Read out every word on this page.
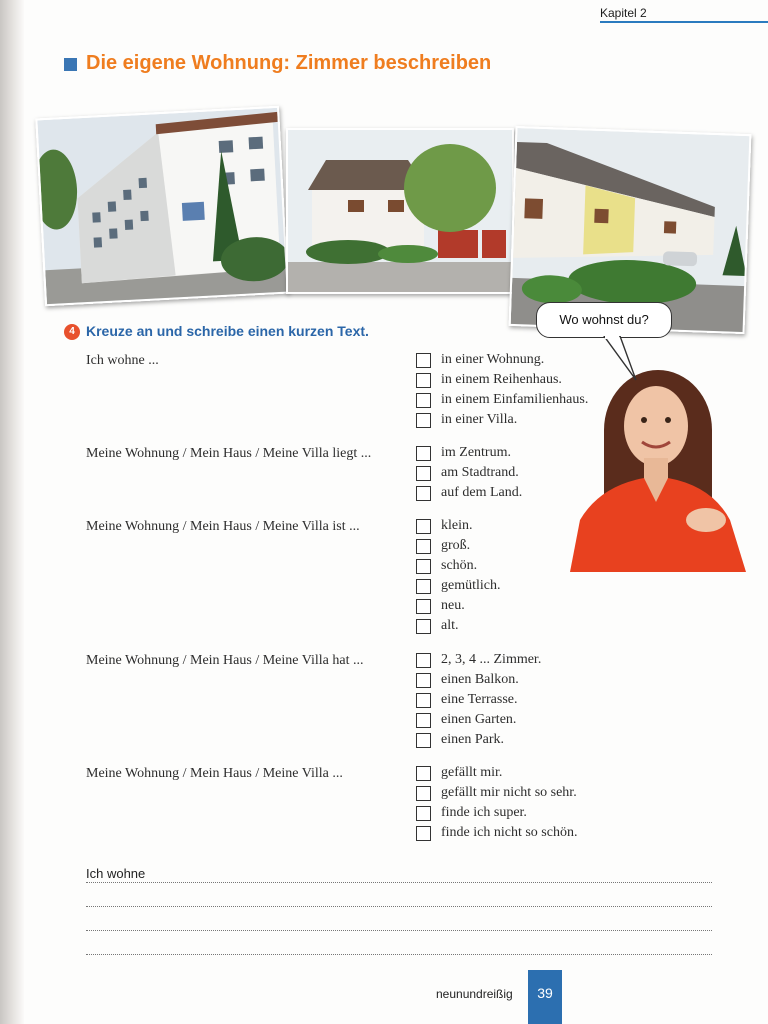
Kapitel 2
Die eigene Wohnung: Zimmer beschreiben
Wo wohnst du?
4 Kreuze an und schreibe einen kurzen Text.
Ich wohne ...	in einer Wohnung.
in einem Reihenhaus.
in einem Einfamilienhaus.
in einer Villa.
Meine Wohnung / Mein Haus / Meine Villa liegt ...	im Zentrum.
am Stadtrand.
auf dem Land.
Meine Wohnung / Mein Haus / Meine Villa ist ...	klein.
groß.
schön.
gemütlich.
neu.
alt.
Meine Wohnung / Mein Haus / Meine Villa hat ...	2, 3, 4 ... Zimmer.
einen Balkon.
eine Terrasse.
einen Garten.
einen Park.
Meine Wohnung / Mein Haus / Meine Villa ...	gefällt mir.
gefällt mir nicht so sehr.
finde ich super.
finde ich nicht so schön.
Ich wohne
neunundreißig	39
